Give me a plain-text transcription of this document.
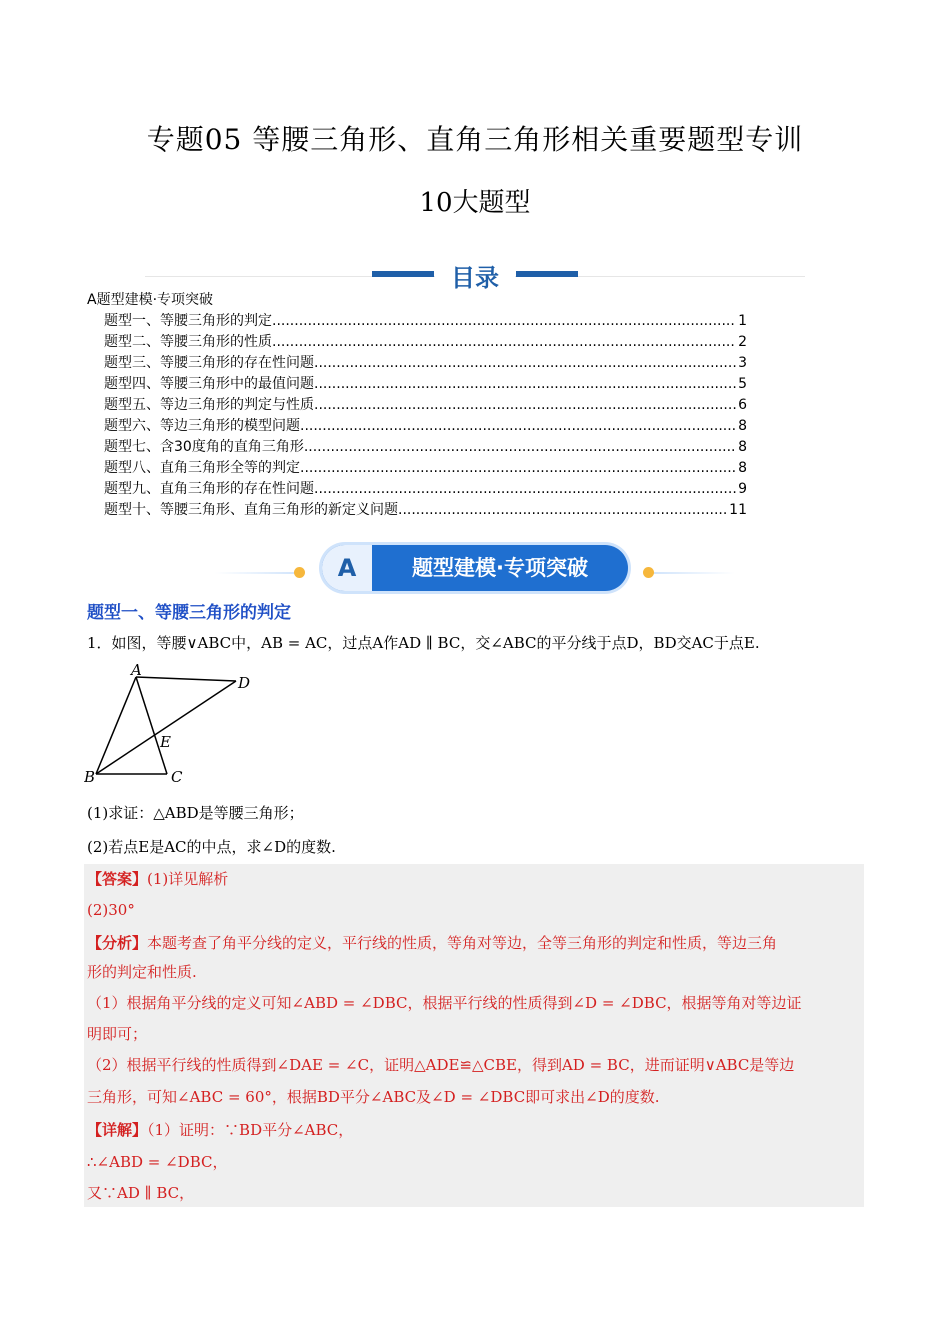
专题05 等腰三角形、直角三角形相关重要题型专训
10大题型
目录
A题型建模·专项突破
题型一、等腰三角形的判定 .....	1
题型二、等腰三角形的性质 .....	2
题型三、等腰三角形的存在性问题 .....	3
题型四、等腰三角形中的最值问题 .....	5
题型五、等边三角形的判定与性质 .....	6
题型六、等边三角形的模型问题 .....	8
题型七、含30度角的直角三角形 .....	8
题型八、直角三角形全等的判定 .....	8
题型九、直角三角形的存在性问题 .....	9
题型十、等腰三角形、直角三角形的新定义问题 .....	11
A	题型建模·专项突破
题型一、等腰三角形的判定
1．如图，等腰∨ABC中，AB = AC，过点A作AD ∥ BC，交∠ABC的平分线于点D，BD交AC于点E.
A
D
E
B	C
(1)求证：△ABD是等腰三角形；
(2)若点E是AC的中点，求∠D的度数.
【答案】(1)详见解析
(2)30°
【分析】本题考查了角平分线的定义，平行线的性质，等角对等边，全等三角形的判定和性质，等边三角
形的判定和性质.
（1）根据角平分线的定义可知∠ABD = ∠DBC，根据平行线的性质得到∠D = ∠DBC，根据等角对等边证
明即可；
（2）根据平行线的性质得到∠DAE = ∠C，证明△ADE≌△CBE，得到AD = BC，进而证明∨ABC是等边
三角形，可知∠ABC = 60°，根据BD平分∠ABC及∠D = ∠DBC即可求出∠D的度数.
【详解】（1）证明：∵BD平分∠ABC，
∴∠ABD = ∠DBC，
又∵AD ∥ BC，
